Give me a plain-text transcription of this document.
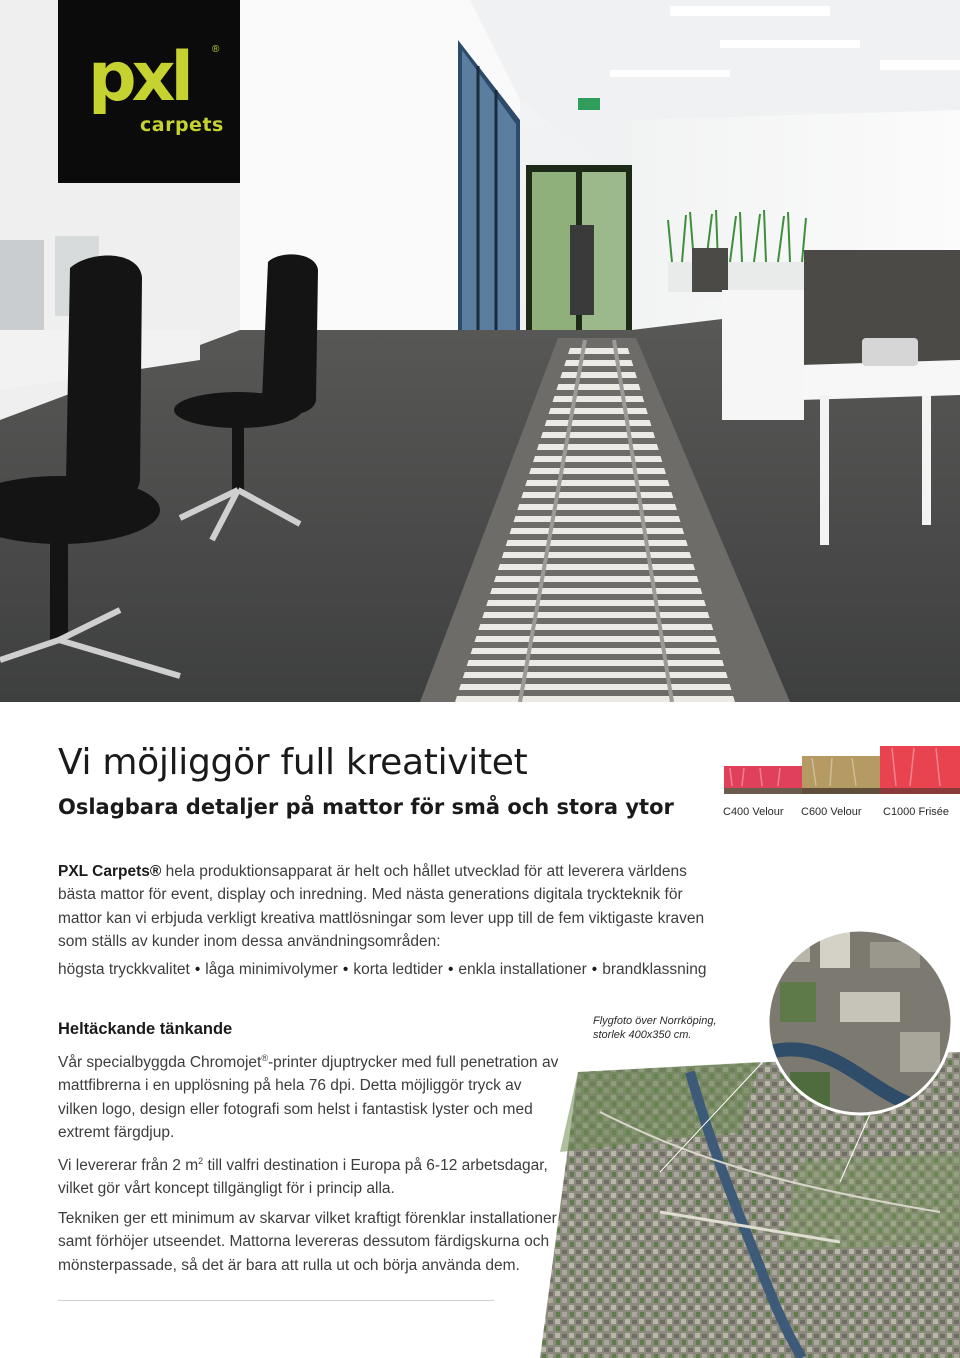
pxl ®
carpets
Vi möjliggör full kreativitet
Oslagbara detaljer på mattor för små och stora ytor	C400 Velour C600 Velour C1000 Frisée

PXL Carpets® hela produktionsapparat är helt och hållet utvecklad för att leverera världens bästa mattor för event, display och inredning. Med nästa generations digitala tryckteknik för mattor kan vi erbjuda verkligt kreativa mattlösningar som lever upp till de fem viktigaste kraven som ställs av kunder inom dessa användningsområden:

högsta tryckkvalitet • låga minimivolymer • korta ledtider • enkla installationer • brandklassning
Heltäckande tänkande

Vår specialbyggda Chromojet®-printer djuptrycker med full penetration av mattfibrerna i en upplösning på hela 76 dpi. Detta möjliggör tryck av vilken logo, design eller fotografi som helst i fantastisk lyster och med extremt färgdjup.

Vi levererar från 2 $m^2$ till valfri destination i Europa på 6-12 arbetsdagar, vilket gör vårt koncept tillgängligt för i princip alla.

Tekniken ger ett minimum av skarvar vilket kraftigt förenklar installationer samt förhöjer utseendet. Mattorna levereras dessutom färdigskurna och mönsterpassade, så det är bara att rulla ut och börja använda dem.

Flygfoto över Norrköping,
storlek 400x350 cm.
